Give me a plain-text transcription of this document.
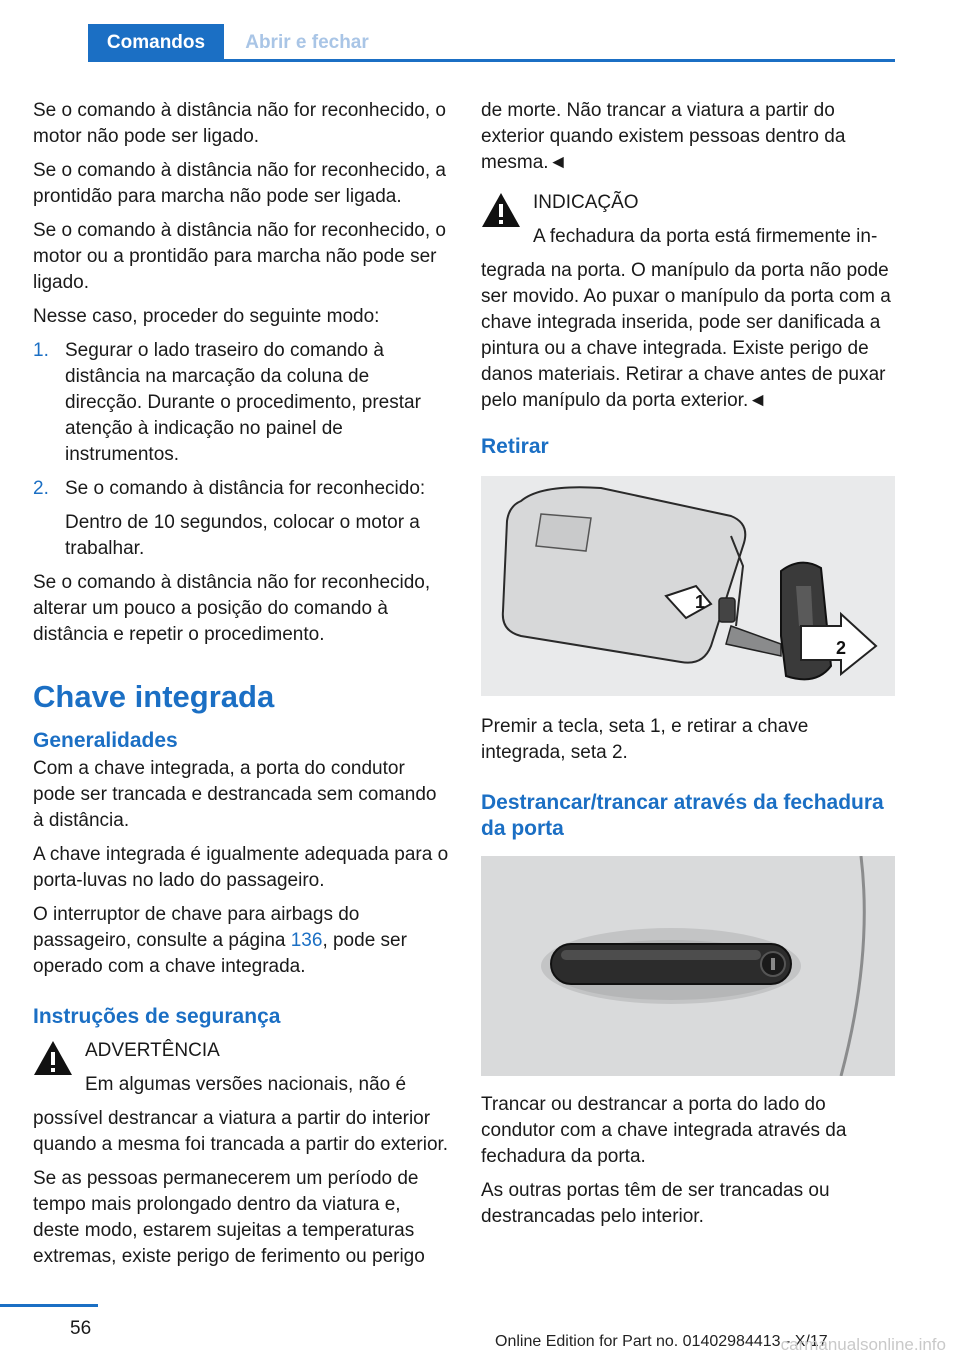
Comandos	Abrir e fechar

Se o comando à distância não for reconhecido, o motor não pode ser ligado.

Se o comando à distância não for reconhecido, a prontidão para marcha não pode ser ligada.

Se o comando à distância não for reconhecido, o motor ou a prontidão para marcha não pode ser ligado.

Nesse caso, proceder do seguinte modo:

1. Segurar o lado traseiro do comando à distância na marcação da coluna de direcção. Durante o procedimento, prestar atenção à indicação no painel de instrumentos.
2. Se o comando à distância for reconhecido:
Dentro de 10 segundos, colocar o motor a trabalhar.

Se o comando à distância não for reconhecido, alterar um pouco a posição do comando à distância e repetir o procedimento.

Chave integrada
Generalidades

Com a chave integrada, a porta do condutor pode ser trancada e destrancada sem comando à distância.

A chave integrada é igualmente adequada para o porta-luvas no lado do passageiro.

O interruptor de chave para airbags do passageiro, consulte a página 136, pode ser operado com a chave integrada.

Instruções de segurança

ADVERTÊNCIA

Em algumas versões nacionais, não é

possível destrancar a viatura a partir do interior quando a mesma foi trancada a partir do exterior.

Se as pessoas permanecerem um período de tempo mais prolongado dentro da viatura e, deste modo, estarem sujeitas a temperaturas extremas, existe perigo de ferimento ou perigo

de morte. Não trancar a viatura a partir do exterior quando existem pessoas dentro da mesma.◄

INDICAÇÃO

A fechadura da porta está firmemente in-

tegrada na porta. O manípulo da porta não pode ser movido. Ao puxar o manípulo da porta com a chave integrada inserida, pode ser danificada a pintura ou a chave integrada. Existe perigo de danos materiais. Retirar a chave antes de puxar pelo manípulo da porta exterior.◄

Retirar
1
2

Premir a tecla, seta 1, e retirar a chave integrada, seta 2.

Destrancar/trancar através da fechadura da porta

Trancar ou destrancar a porta do lado do condutor com a chave integrada através da fechadura da porta.

As outras portas têm de ser trancadas ou destrancadas pelo interior.

56
Online Edition for Part no. 01402984413 - X/17
carmanualsonline.info
